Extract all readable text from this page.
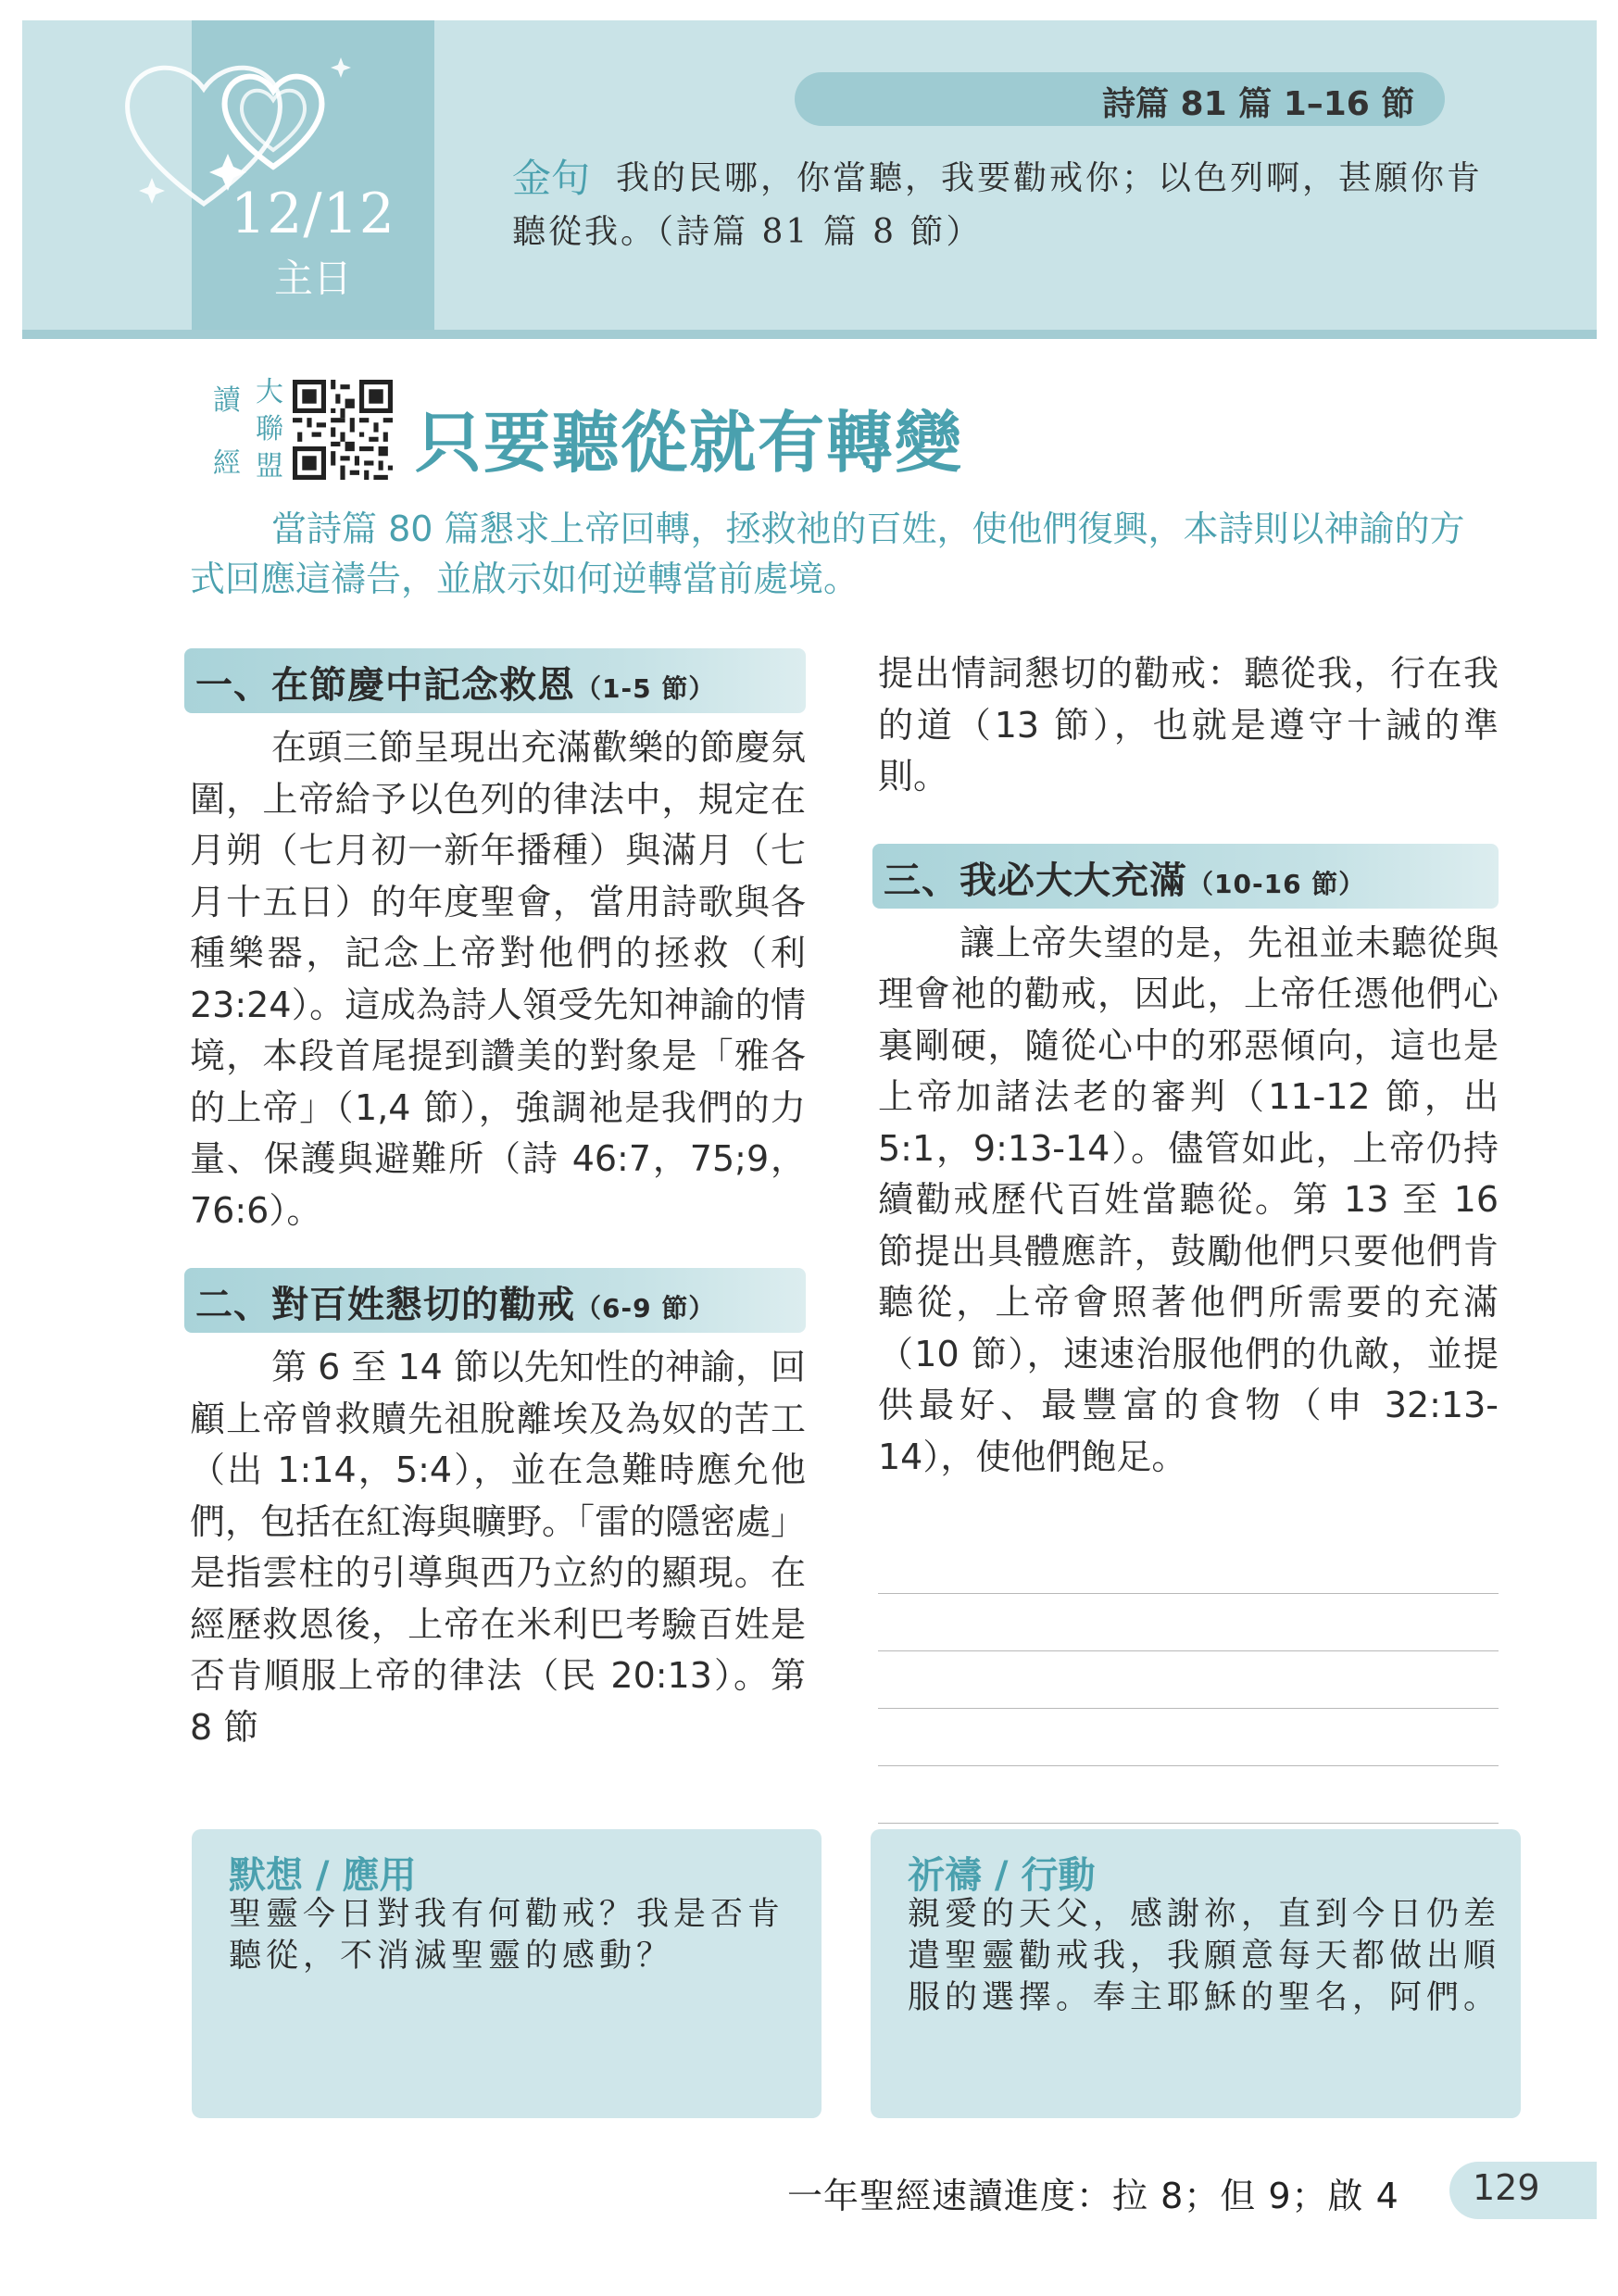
12/12
主日
詩篇 81 篇 1–16 節
金句 我的民哪，你當聽，我要勸戒你；以色列啊，甚願你肯聽從我。（詩篇 81 篇 8 節）
讀
經
大
聯
盟 只要聽從就有轉變
當詩篇 80 篇懇求上帝回轉，拯救祂的百姓，使他們復興，本詩則以神諭的方式回應這禱告，並啟示如何逆轉當前處境。
一、在節慶中記念救恩（1-5 節）

在頭三節呈現出充滿歡樂的節慶氛圍，上帝給予以色列的律法中，規定在月朔（七月初一新年播種）與滿月（七月十五日）的年度聖會，當用詩歌與各種樂器，記念上帝對他們的拯救（利 23:24）。這成為詩人領受先知神諭的情境，本段首尾提到讚美的對象是「雅各的上帝」（1,4 節），強調祂是我們的力量、保護與避難所（詩 46:7，75;9，76:6）。

二、對百姓懇切的勸戒（6-9 節）

第 6 至 14 節以先知性的神諭，回顧上帝曾救贖先祖脫離埃及為奴的苦工（出 1:14，5:4），並在急難時應允他們，包括在紅海與曠野。「雷的隱密處」是指雲柱的引導與西乃立約的顯現。在經歷救恩後，上帝在米利巴考驗百姓是否肯順服上帝的律法（民 20:13）。第 8 節

提出情詞懇切的勸戒：聽從我，行在我的道（13 節），也就是遵守十誡的準則。

三、我必大大充滿（10-16 節）

讓上帝失望的是，先祖並未聽從與理會祂的勸戒，因此，上帝任憑他們心裏剛硬，隨從心中的邪惡傾向，這也是上帝加諸法老的審判（11-12 節，出 5:1，9:13-14）。儘管如此，上帝仍持續勸戒歷代百姓當聽從。第 13 至 16 節提出具體應許，鼓勵他們只要他們肯聽從，上帝會照著他們所需要的充滿（10 節），速速治服他們的仇敵，並提供最好、最豐富的食物（申 32:13-14），使他們飽足。

默想 / 應用
聖靈今日對我有何勸戒？我是否肯聽從，不消滅聖靈的感動？
祈禱 / 行動
親愛的天父，感謝祢，直到今日仍差遣聖靈勸戒我，我願意每天都做出順服的選擇。奉主耶穌的聖名，阿們。
一年聖經速讀進度：拉 8；但 9；啟 4 129
